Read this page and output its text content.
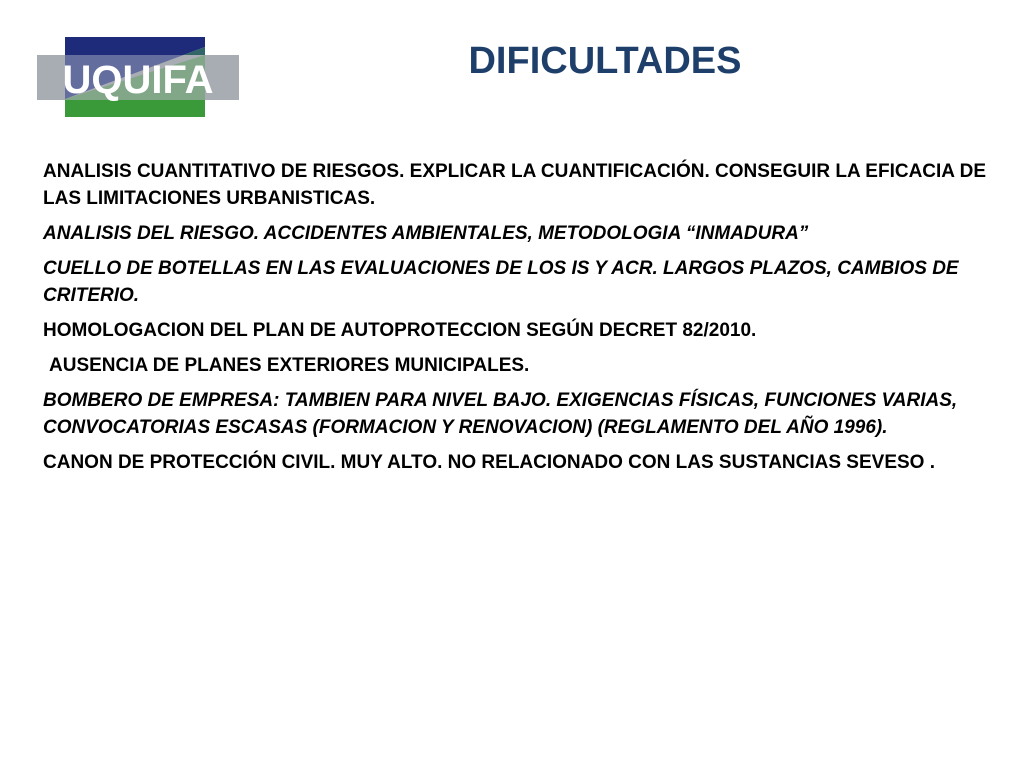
UQUIFA	DIFICULTADES

ANALISIS CUANTITATIVO DE RIESGOS. EXPLICAR LA CUANTIFICACIÓN. CONSEGUIR LA EFICACIA DE LAS LIMITACIONES URBANISTICAS.

ANALISIS DEL RIESGO. ACCIDENTES AMBIENTALES, METODOLOGIA “INMADURA”

CUELLO DE BOTELLAS EN LAS EVALUACIONES DE LOS IS Y ACR. LARGOS PLAZOS, CAMBIOS DE CRITERIO.

HOMOLOGACION DEL PLAN DE AUTOPROTECCION SEGÚN DECRET 82/2010.

AUSENCIA DE PLANES EXTERIORES MUNICIPALES.

BOMBERO DE EMPRESA: TAMBIEN PARA NIVEL BAJO. EXIGENCIAS FÍSICAS, FUNCIONES VARIAS, CONVOCATORIAS ESCASAS (FORMACION Y RENOVACION) (REGLAMENTO DEL AÑO 1996).

CANON DE PROTECCIÓN CIVIL. MUY ALTO. NO RELACIONADO CON LAS SUSTANCIAS SEVESO .
